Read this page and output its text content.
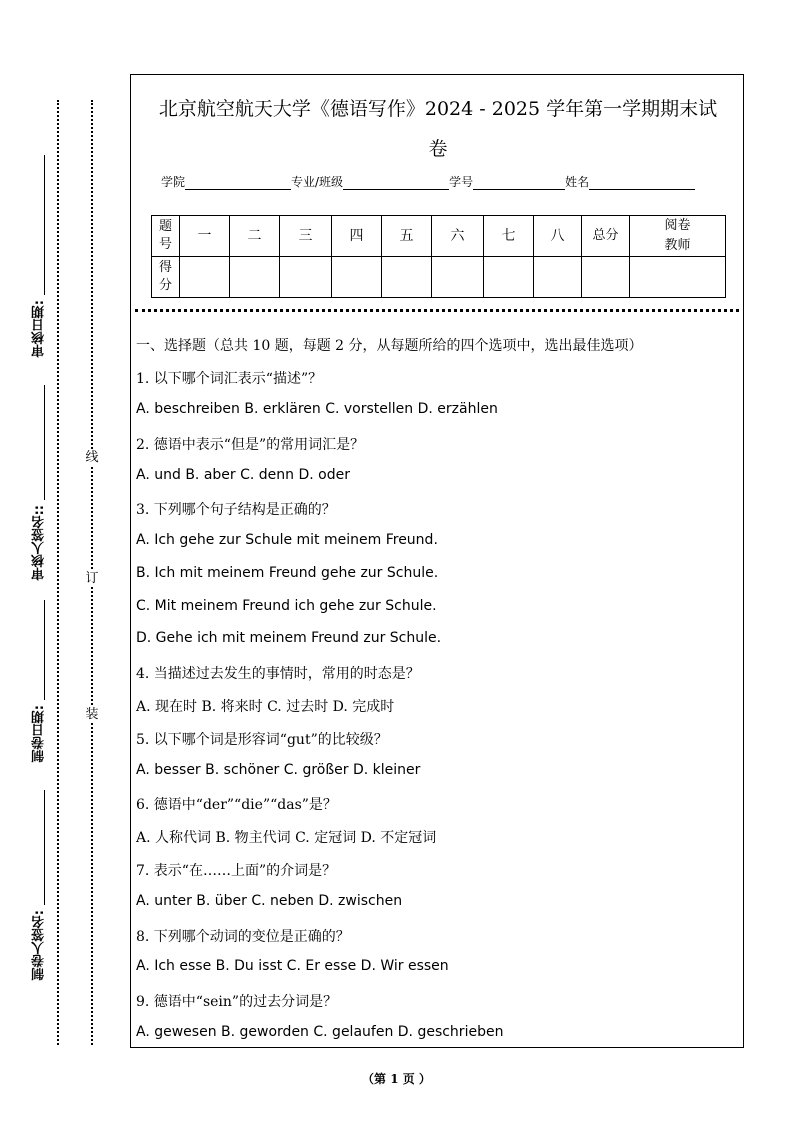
审核日期:
审核人签名::
制卷日期:
制卷人签名:
线
订
装
北京航空航天大学《德语写作》2024 - 2025 学年第一学期期末试
卷
学院	专业/班级	学号	姓名
题号	一	二	三	四	五	六	七	八	总分	阅卷教师
得分										
一、选择题（总共 10 题，每题 2 分，从每题所给的四个选项中，选出最佳选项）
1. 以下哪个词汇表示“描述”？
A. beschreiben B. erklären C. vorstellen D. erzählen
2. 德语中表示“但是”的常用词汇是？
A. und B. aber C. denn D. oder
3. 下列哪个句子结构是正确的？
A. Ich gehe zur Schule mit meinem Freund.
B. Ich mit meinem Freund gehe zur Schule.
C. Mit meinem Freund ich gehe zur Schule.
D. Gehe ich mit meinem Freund zur Schule.
4. 当描述过去发生的事情时，常用的时态是？
A. 现在时 B. 将来时 C. 过去时 D. 完成时
5. 以下哪个词是形容词“gut”的比较级？
A. besser B. schöner C. größer D. kleiner
6. 德语中“der”“die”“das”是？
A. 人称代词 B. 物主代词 C. 定冠词 D. 不定冠词
7. 表示“在……上面”的介词是？
A. unter B. über C. neben D. zwischen
8. 下列哪个动词的变位是正确的？
A. Ich esse B. Du isst C. Er esse D. Wir essen
9. 德语中“sein”的过去分词是？
A. gewesen B. geworden C. gelaufen D. geschrieben
（第 1 页 ）
